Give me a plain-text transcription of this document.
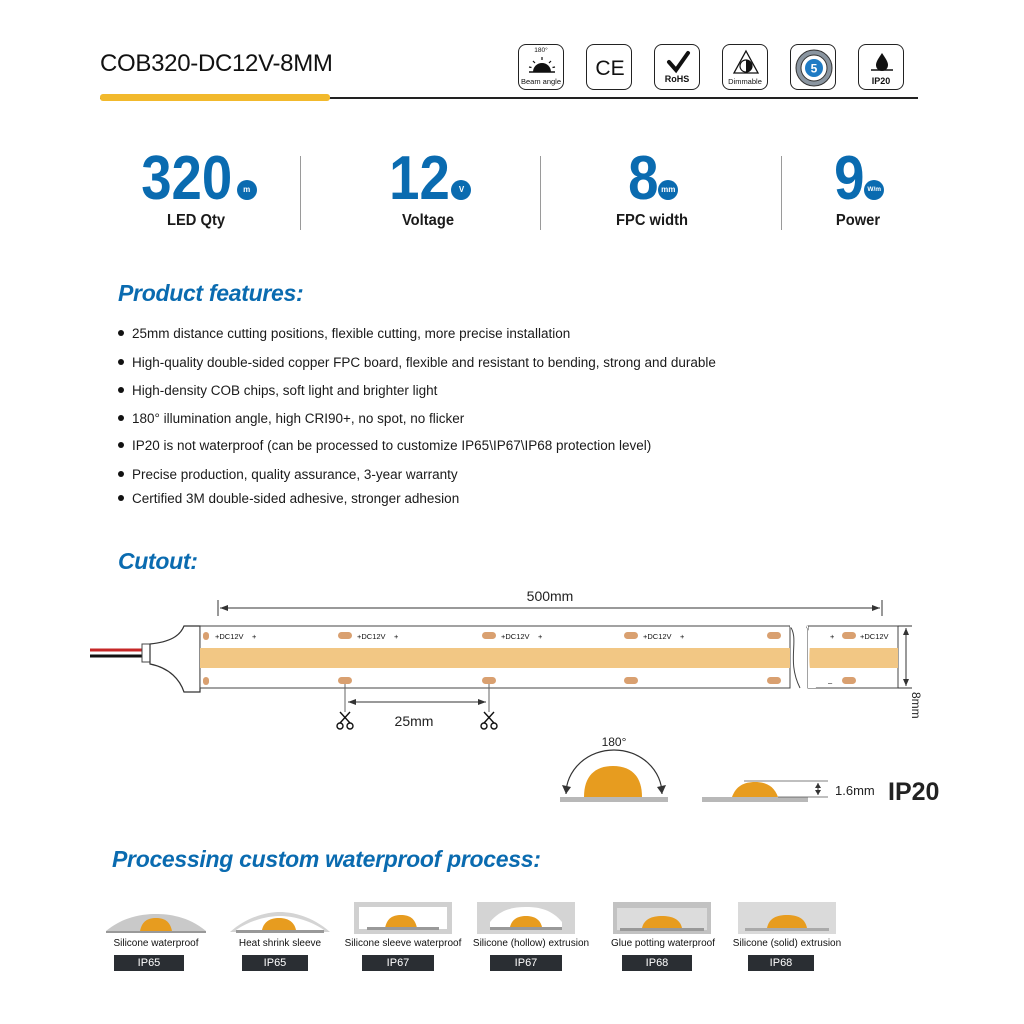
COB320-DC12V-8MM	180°
Beam angle
CE	RoHS	Dimmable
5
IP20
320 m
LED Qty
12 V
Voltage
8 mm
FPC width
9 W/m
Power
Product features:
25mm distance cutting positions, flexible cutting, more precise installation
High-quality double-sided copper FPC board, flexible and resistant to bending, strong and durable
High-density COB chips, soft light and brighter light
180° illumination angle, high CRI90+, no spot, no flicker
IP20 is not waterproof (can be processed to customize IP65\IP67\IP68 protection level)
Precise production, quality assurance, 3-year warranty
Certified 3M double-sided adhesive, stronger adhesion
Cutout:
500mm
+DC12V +	+DC12V +	+DC12V +	+DC12V +	+	+DC12V
–
8mm
25mm
180°
1.6mm IP20
Processing custom waterproof process:
Silicone waterproof
IP65
Heat shrink sleeve
IP65
Silicone sleeve waterproof
IP67
Silicone (hollow) extrusion
IP67
Glue potting waterproof
IP68
Silicone (solid) extrusion
IP68
